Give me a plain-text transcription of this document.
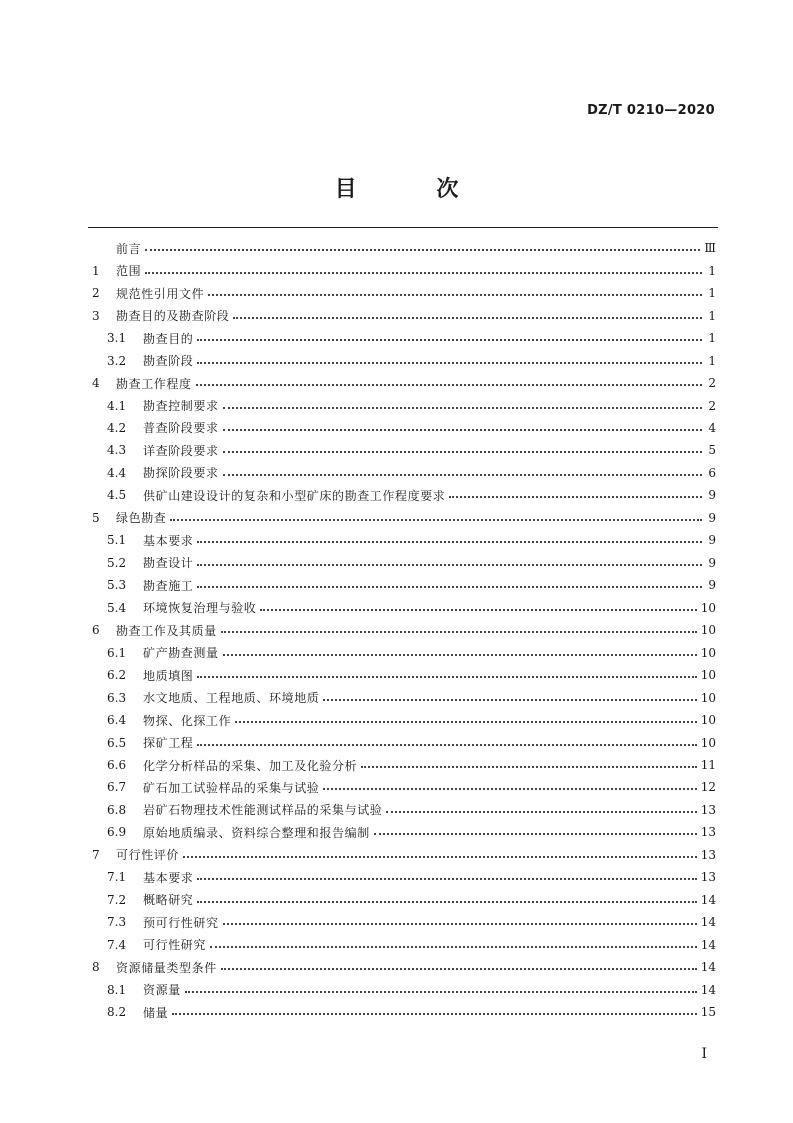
DZ/T 0210—2020
目 次
前言	Ⅲ
1	范围	1
2	规范性引用文件	1
3	勘查目的及勘查阶段	1
3.1	勘查目的	1
3.2	勘查阶段	1
4	勘查工作程度	2
4.1	勘查控制要求	2
4.2	普查阶段要求	4
4.3	详查阶段要求	5
4.4	勘探阶段要求	6
4.5	供矿山建设设计的复杂和小型矿床的勘查工作程度要求	9
5	绿色勘查	9
5.1	基本要求	9
5.2	勘查设计	9
5.3	勘查施工	9
5.4	环境恢复治理与验收	10
6	勘查工作及其质量	10
6.1	矿产勘查测量	10
6.2	地质填图	10
6.3	水文地质、工程地质、环境地质	10
6.4	物探、化探工作	10
6.5	探矿工程	10
6.6	化学分析样品的采集、加工及化验分析	11
6.7	矿石加工试验样品的采集与试验	12
6.8	岩矿石物理技术性能测试样品的采集与试验	13
6.9	原始地质编录、资料综合整理和报告编制	13
7	可行性评价	13
7.1	基本要求	13
7.2	概略研究	14
7.3	预可行性研究	14
7.4	可行性研究	14
8	资源储量类型条件	14
8.1	资源量	14
8.2	储量	15
Ⅰ
